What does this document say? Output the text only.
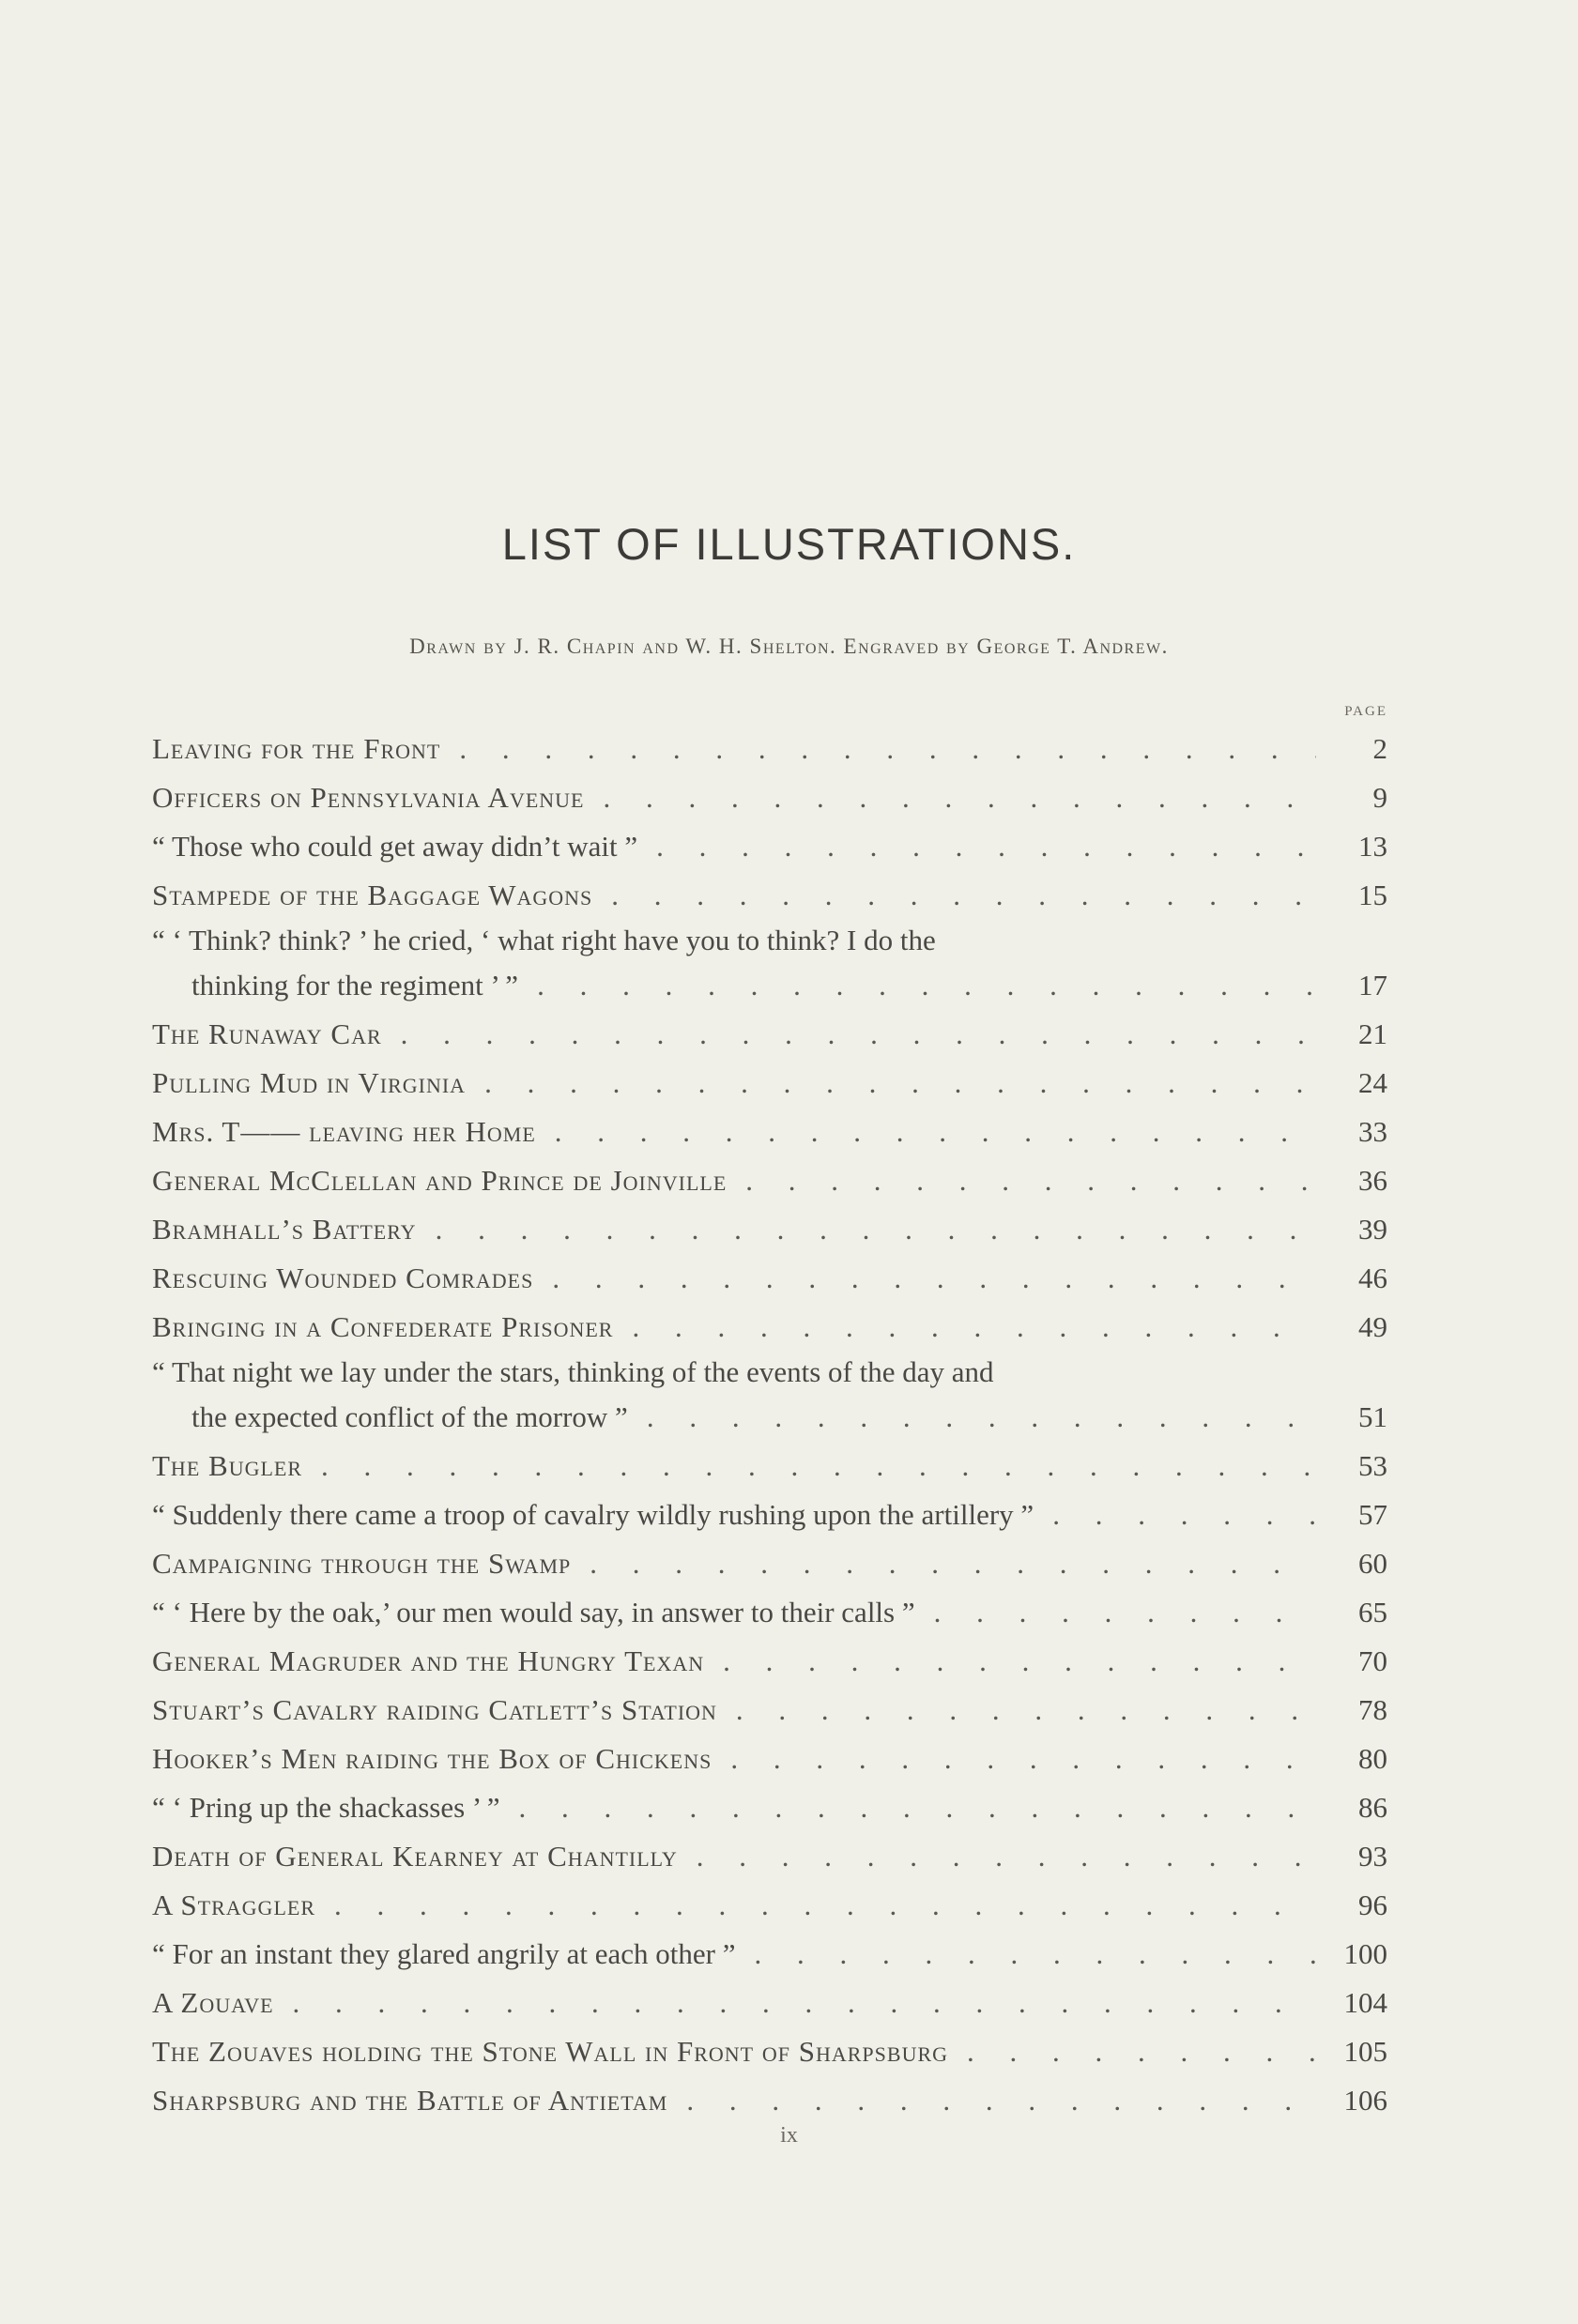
LIST OF ILLUSTRATIONS.
Drawn by J. R. Chapin and W. H. Shelton. Engraved by George T. Andrew.
PAGE
Leaving for the Front . . .	2
Officers on Pennsylvania Avenue . . .	9
“ Those who could get away didn’t wait ” . . .	13
Stampede of the Baggage Wagons . . .	15
“ ‘ Think? think? ’ he cried, ‘ what right have you to think? I do the
thinking for the regiment ’ ” . . .	17
The Runaway Car . . .	21
Pulling Mud in Virginia . . .	24
Mrs. T—— leaving her Home . . .	33
General McClellan and Prince de Joinville . . .	36
Bramhall’s Battery . . .	39
Rescuing Wounded Comrades . . .	46
Bringing in a Confederate Prisoner . . .	49
“ That night we lay under the stars, thinking of the events of the day and
the expected conflict of the morrow ” . . .	51
The Bugler . . .	53
“ Suddenly there came a troop of cavalry wildly rushing upon the artillery ” . . .	57
Campaigning through the Swamp . . .	60
“ ‘ Here by the oak,’ our men would say, in answer to their calls ” . . .	65
General Magruder and the Hungry Texan . . .	70
Stuart’s Cavalry raiding Catlett’s Station . . .	78
Hooker’s Men raiding the Box of Chickens . . .	80
“ ‘ Pring up the shackasses ’ ” . . .	86
Death of General Kearney at Chantilly . . .	93
A Straggler . . .	96
“ For an instant they glared angrily at each other ” . . .	100
A Zouave . . .	104
The Zouaves holding the Stone Wall in Front of Sharpsburg . . .	105
Sharpsburg and the Battle of Antietam . . .	106
ix
